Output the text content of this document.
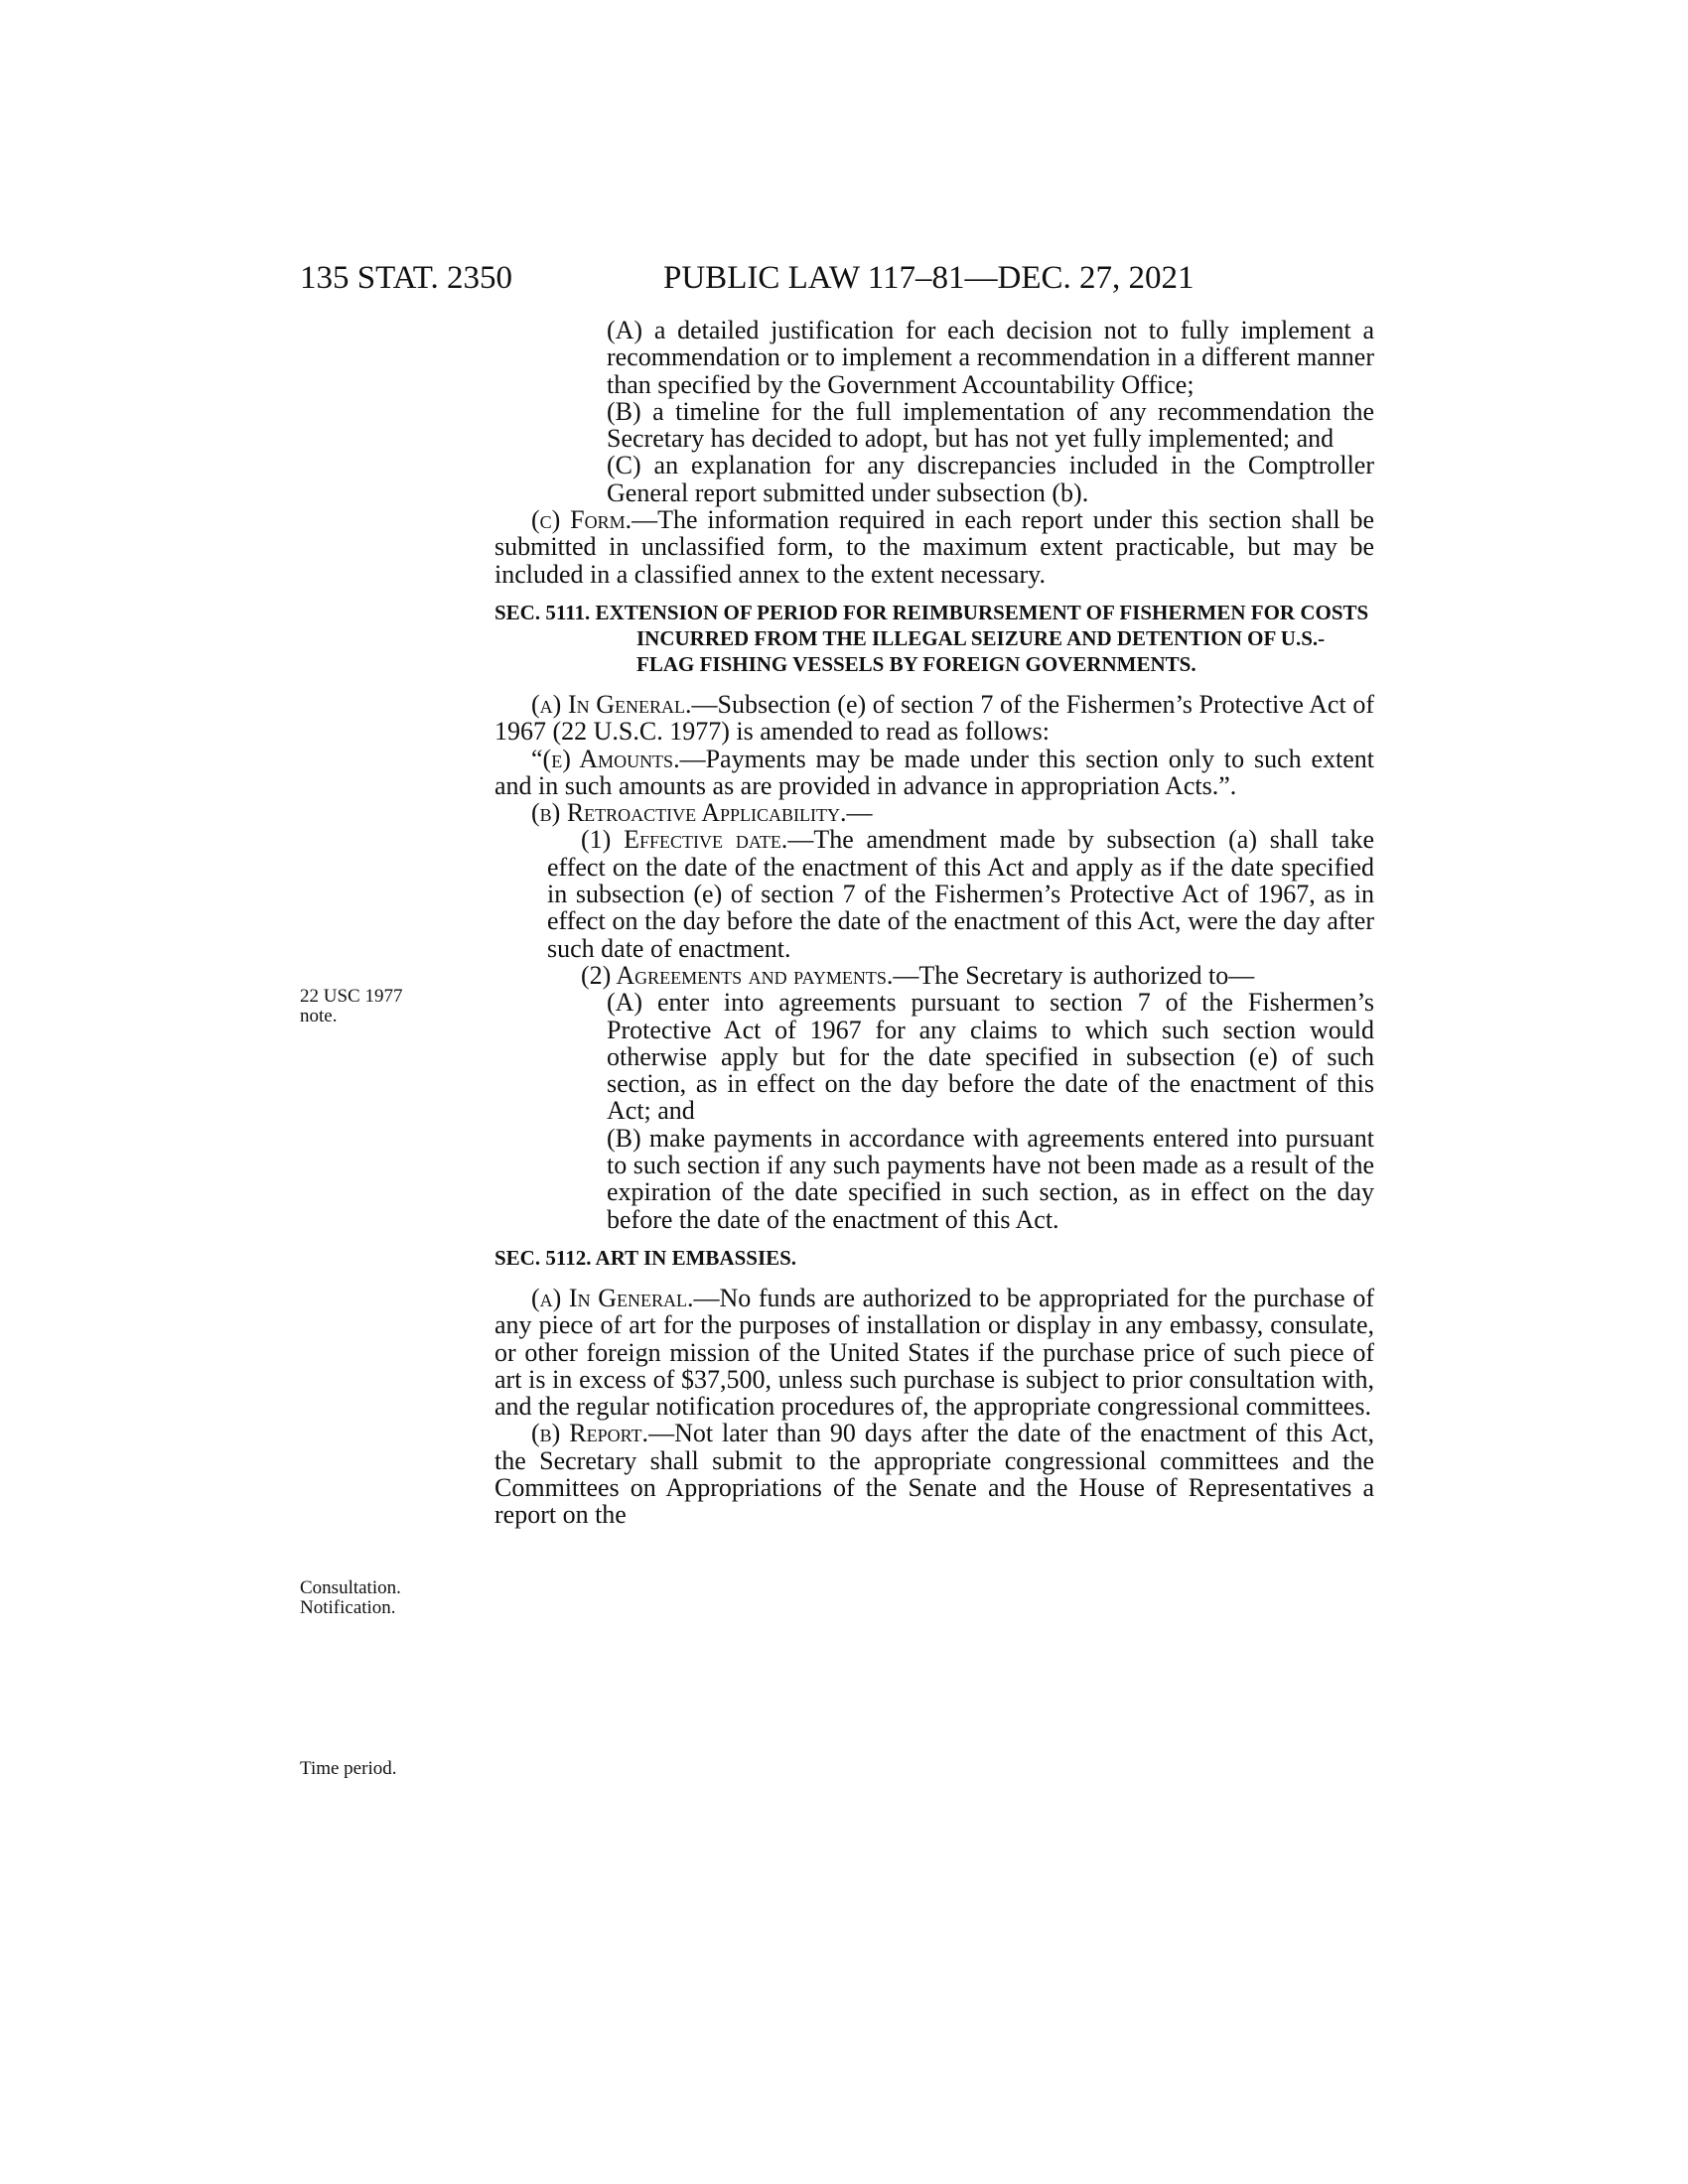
135 STAT. 2350	PUBLIC LAW 117–81—DEC. 27, 2021
22 USC 1977
note.
Consultation.
Notification.
Time period.

(A) a detailed justification for each decision not to fully implement a recommendation or to implement a recommendation in a different manner than specified by the Government Accountability Office;

(B) a timeline for the full implementation of any recommendation the Secretary has decided to adopt, but has not yet fully implemented; and

(C) an explanation for any discrepancies included in the Comptroller General report submitted under subsection (b).

(c) Form.—The information required in each report under this section shall be submitted in unclassified form, to the maximum extent practicable, but may be included in a classified annex to the extent necessary.

SEC. 5111. EXTENSION OF PERIOD FOR REIMBURSEMENT OF FISHERMEN FOR COSTS INCURRED FROM THE ILLEGAL SEIZURE AND DETENTION OF U.S.-FLAG FISHING VESSELS BY FOREIGN GOVERNMENTS.

(a) In General.—Subsection (e) of section 7 of the Fishermen’s Protective Act of 1967 (22 U.S.C. 1977) is amended to read as follows:

“(e) Amounts.—Payments may be made under this section only to such extent and in such amounts as are provided in advance in appropriation Acts.”.

(b) Retroactive Applicability.—

(1) Effective date.—The amendment made by subsection (a) shall take effect on the date of the enactment of this Act and apply as if the date specified in subsection (e) of section 7 of the Fishermen’s Protective Act of 1967, as in effect on the day before the date of the enactment of this Act, were the day after such date of enactment.

(2) Agreements and payments.—The Secretary is authorized to—

(A) enter into agreements pursuant to section 7 of the Fishermen’s Protective Act of 1967 for any claims to which such section would otherwise apply but for the date specified in subsection (e) of such section, as in effect on the day before the date of the enactment of this Act; and

(B) make payments in accordance with agreements entered into pursuant to such section if any such payments have not been made as a result of the expiration of the date specified in such section, as in effect on the day before the date of the enactment of this Act.

SEC. 5112. ART IN EMBASSIES.

(a) In General.—No funds are authorized to be appropriated for the purchase of any piece of art for the purposes of installation or display in any embassy, consulate, or other foreign mission of the United States if the purchase price of such piece of art is in excess of $37,500, unless such purchase is subject to prior consultation with, and the regular notification procedures of, the appropriate congressional committees.

(b) Report.—Not later than 90 days after the date of the enactment of this Act, the Secretary shall submit to the appropriate congressional committees and the Committees on Appropriations of the Senate and the House of Representatives a report on the
